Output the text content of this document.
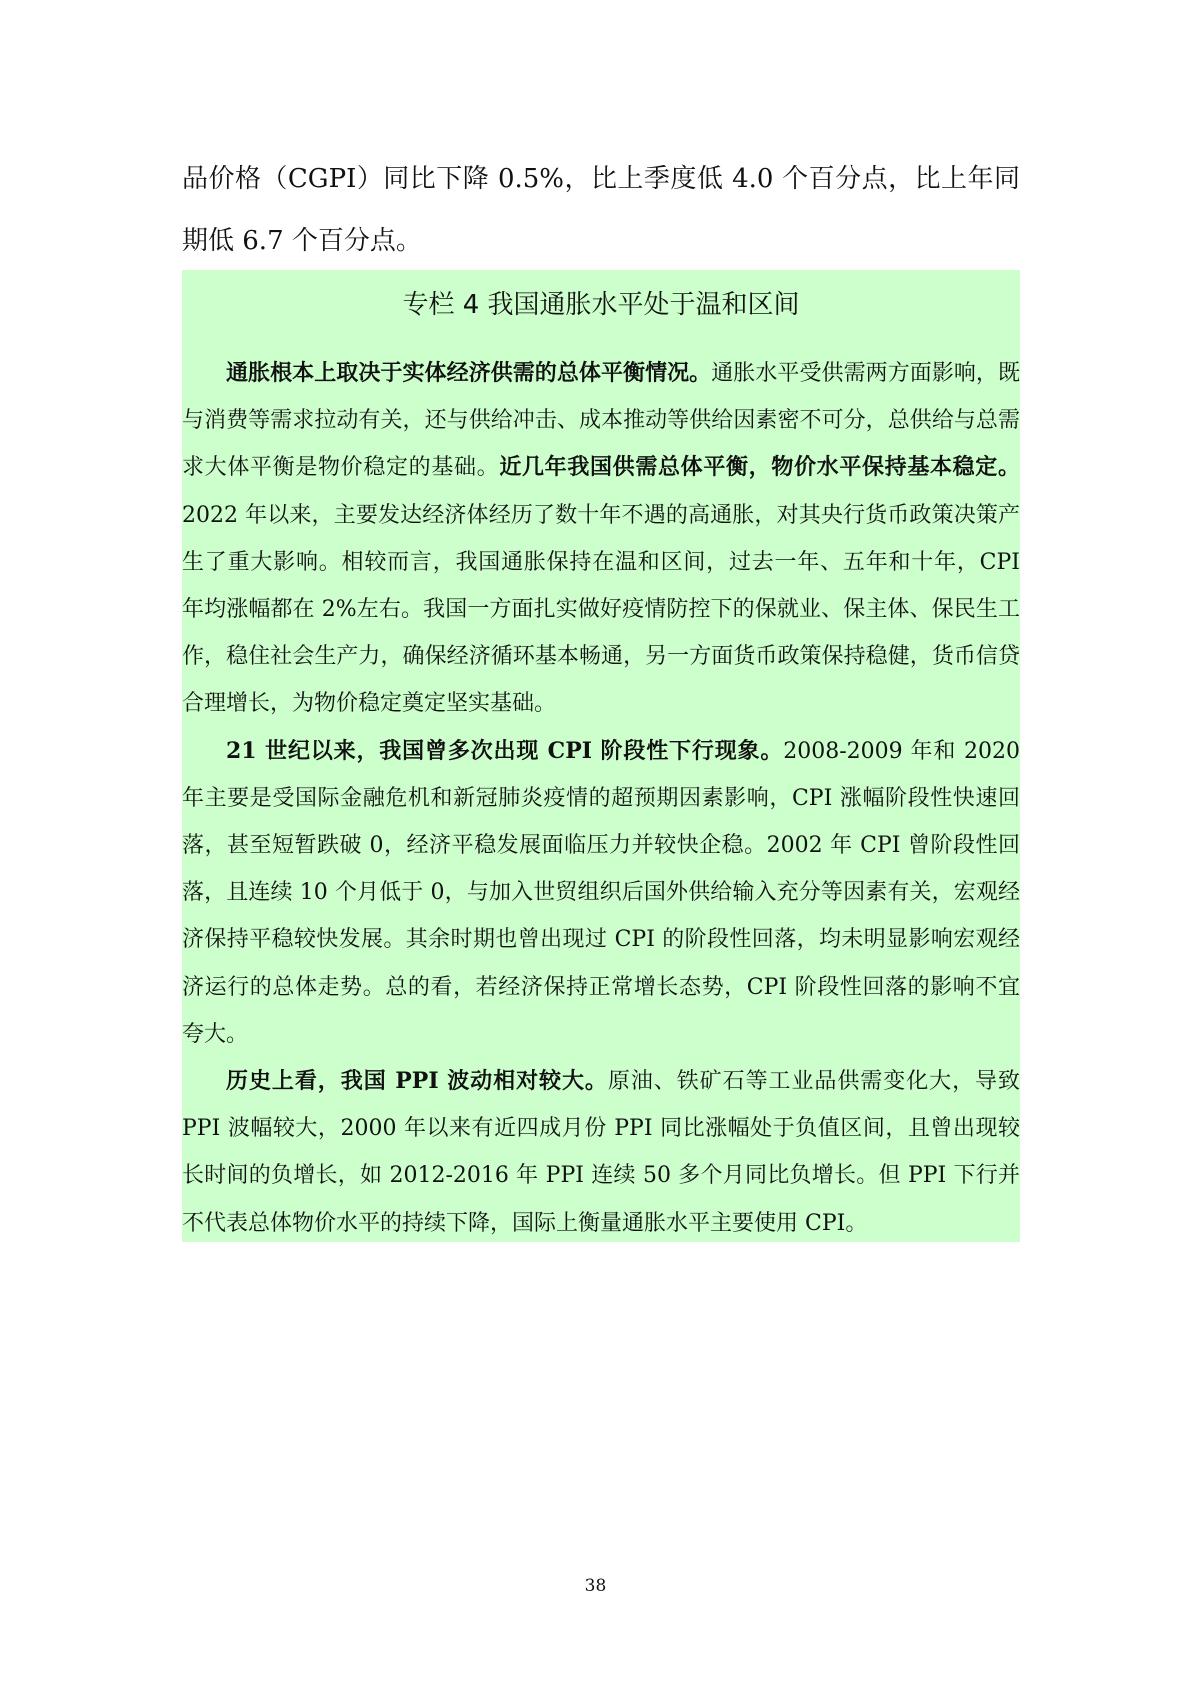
品价格（CGPI）同比下降 0.5%，比上季度低 4.0 个百分点，比上年同期低 6.7 个百分点。

专栏 4 我国通胀水平处于温和区间

通胀根本上取决于实体经济供需的总体平衡情况。通胀水平受供需两方面影响，既与消费等需求拉动有关，还与供给冲击、成本推动等供给因素密不可分，总供给与总需求大体平衡是物价稳定的基础。近几年我国供需总体平衡，物价水平保持基本稳定。2022 年以来，主要发达经济体经历了数十年不遇的高通胀，对其央行货币政策决策产生了重大影响。相较而言，我国通胀保持在温和区间，过去一年、五年和十年，CPI 年均涨幅都在 2%左右。我国一方面扎实做好疫情防控下的保就业、保主体、保民生工作，稳住社会生产力，确保经济循环基本畅通，另一方面货币政策保持稳健，货币信贷合理增长，为物价稳定奠定坚实基础。

21 世纪以来，我国曾多次出现 CPI 阶段性下行现象。2008-2009 年和 2020 年主要是受国际金融危机和新冠肺炎疫情的超预期因素影响，CPI 涨幅阶段性快速回落，甚至短暂跌破 0，经济平稳发展面临压力并较快企稳。2002 年 CPI 曾阶段性回落，且连续 10 个月低于 0，与加入世贸组织后国外供给输入充分等因素有关，宏观经济保持平稳较快发展。其余时期也曾出现过 CPI 的阶段性回落，均未明显影响宏观经济运行的总体走势。总的看，若经济保持正常增长态势，CPI 阶段性回落的影响不宜夸大。

历史上看，我国 PPI 波动相对较大。原油、铁矿石等工业品供需变化大，导致 PPI 波幅较大，2000 年以来有近四成月份 PPI 同比涨幅处于负值区间，且曾出现较长时间的负增长，如 2012-2016 年 PPI 连续 50 多个月同比负增长。但 PPI 下行并不代表总体物价水平的持续下降，国际上衡量通胀水平主要使用 CPI。

38
